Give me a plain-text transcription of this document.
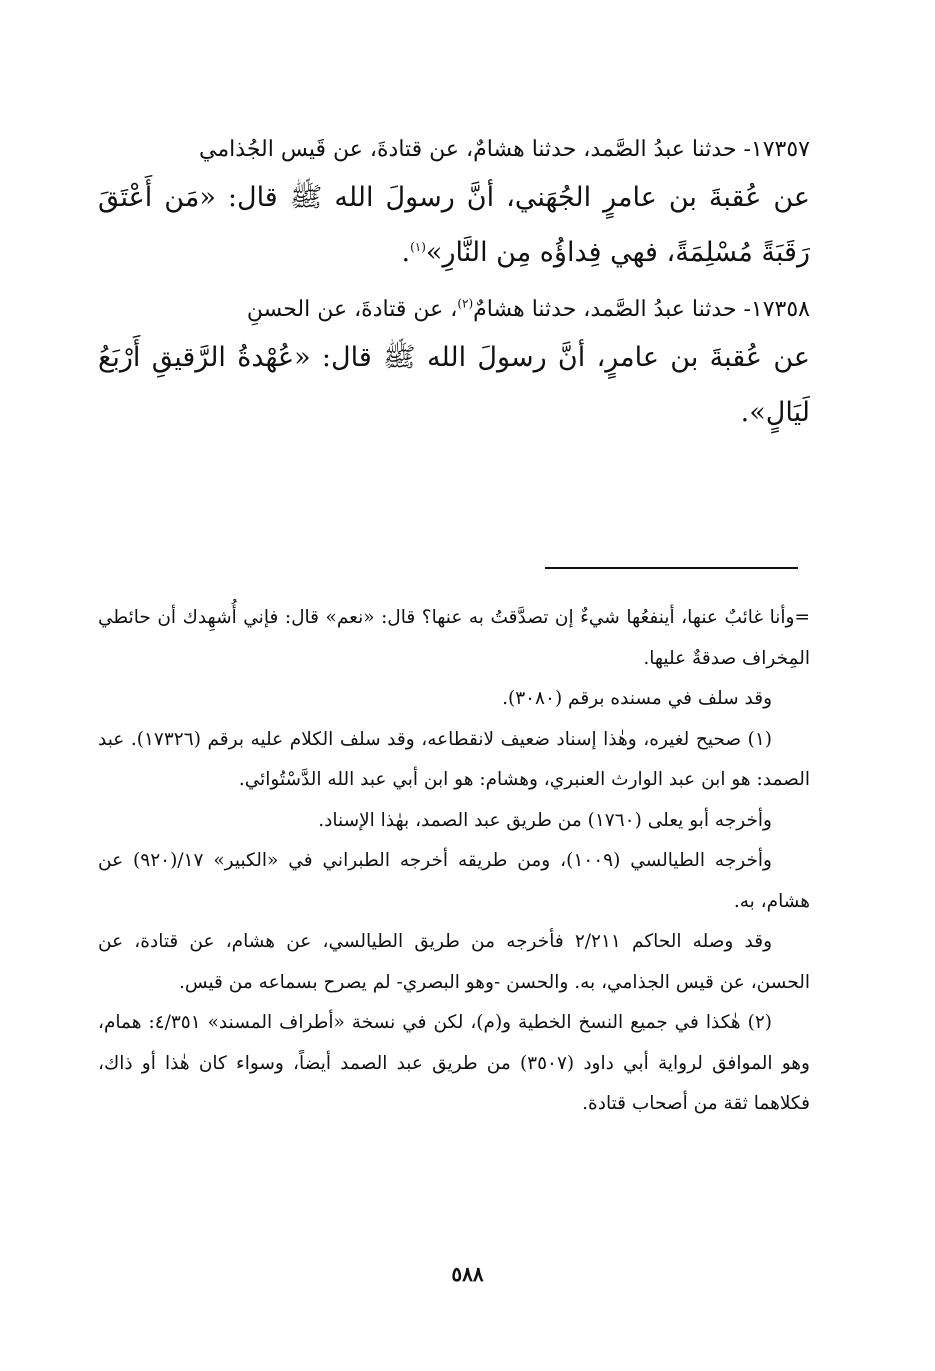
١٧٣٥٧- حدثنا عبدُ الصَّمد، حدثنا هشامٌ، عن قتادةَ، عن قَيس الجُذامي

عن عُقبةَ بن عامرٍ الجُهَني، أنَّ رسولَ الله ﷺ قال: «مَن أَعْتَقَ رَقَبَةً مُسْلِمَةً، فهي فِداؤُه مِن النَّارِ»$^{(١)}$.

١٧٣٥٨- حدثنا عبدُ الصَّمد، حدثنا هشامٌ$^{(٢)}$، عن قتادةَ، عن الحسنِ

عن عُقبةَ بن عامرٍ، أنَّ رسولَ الله ﷺ قال: «عُهْدةُ الرَّقيقِ أَرْبَعُ لَيَالٍ».

=وأنا غائبٌ عنها، أينفعُها شيءٌ إن تصدَّقتُ به عنها؟ قال: «نعم» قال: فإني أُشهِدك أن حائطي المِخراف صدقةٌ عليها.

وقد سلف في مسنده برقم (٣٠٨٠).

(١) صحيح لغيره، وهٰذا إسناد ضعيف لانقطاعه، وقد سلف الكلام عليه برقم (١٧٣٢٦). عبد الصمد: هو ابن عبد الوارث العنبري، وهشام: هو ابن أبي عبد الله الدَّسْتُوائي.

وأخرجه أبو يعلى (١٧٦٠) من طريق عبد الصمد، بهٰذا الإسناد.

وأخرجه الطيالسي (١٠٠٩)، ومن طريقه أخرجه الطبراني في «الكبير» ١٧/(٩٢٠) عن هشام، به.

وقد وصله الحاكم ٢/٢١١ فأخرجه من طريق الطيالسي، عن هشام، عن قتادة، عن الحسن، عن قيس الجذامي، به. والحسن -وهو البصري- لم يصرح بسماعه من قيس.

(٢) هٰكذا في جميع النسخ الخطية و(م)، لكن في نسخة «أطراف المسند» ٤/٣٥١: همام، وهو الموافق لرواية أبي داود (٣٥٠٧) من طريق عبد الصمد أيضاً، وسواء كان هٰذا أو ذاك، فكلاهما ثقة من أصحاب قتادة.

٥٨٨
